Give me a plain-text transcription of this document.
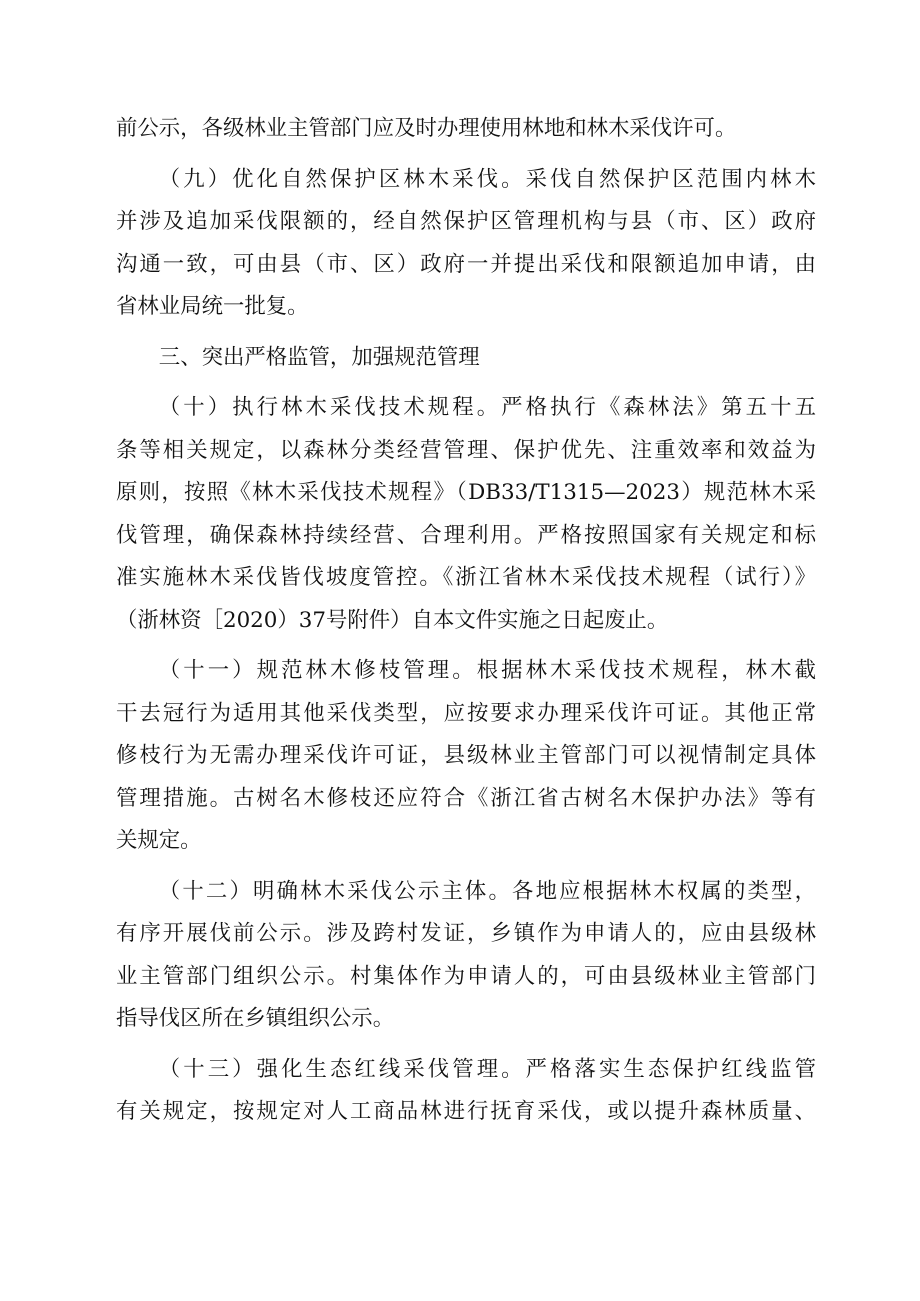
前公示，各级林业主管部门应及时办理使用林地和林木采伐许可。
（九）优化自然保护区林木采伐。采伐自然保护区范围内林木
并涉及追加采伐限额的，经自然保护区管理机构与县（市、区）政府
沟通一致，可由县（市、区）政府一并提出采伐和限额追加申请，由
省林业局统一批复。
三、突出严格监管，加强规范管理
（十）执行林木采伐技术规程。严格执行《森林法》第五十五
条等相关规定，以森林分类经营管理、保护优先、注重效率和效益为
原则，按照《林木采伐技术规程》（DB33/T1315—2023）规范林木采
伐管理，确保森林持续经营、合理利用。严格按照国家有关规定和标
准实施林木采伐皆伐坡度管控。《浙江省林木采伐技术规程（试行）》
（浙林资［2020）37号附件）自本文件实施之日起废止。
（十一）规范林木修枝管理。根据林木采伐技术规程，林木截
干去冠行为适用其他采伐类型，应按要求办理采伐许可证。其他正常
修枝行为无需办理采伐许可证，县级林业主管部门可以视情制定具体
管理措施。古树名木修枝还应符合《浙江省古树名木保护办法》等有
关规定。
（十二）明确林木采伐公示主体。各地应根据林木权属的类型，
有序开展伐前公示。涉及跨村发证，乡镇作为申请人的，应由县级林
业主管部门组织公示。村集体作为申请人的，可由县级林业主管部门
指导伐区所在乡镇组织公示。
（十三）强化生态红线采伐管理。严格落实生态保护红线监管
有关规定，按规定对人工商品林进行抚育采伐，或以提升森林质量、
